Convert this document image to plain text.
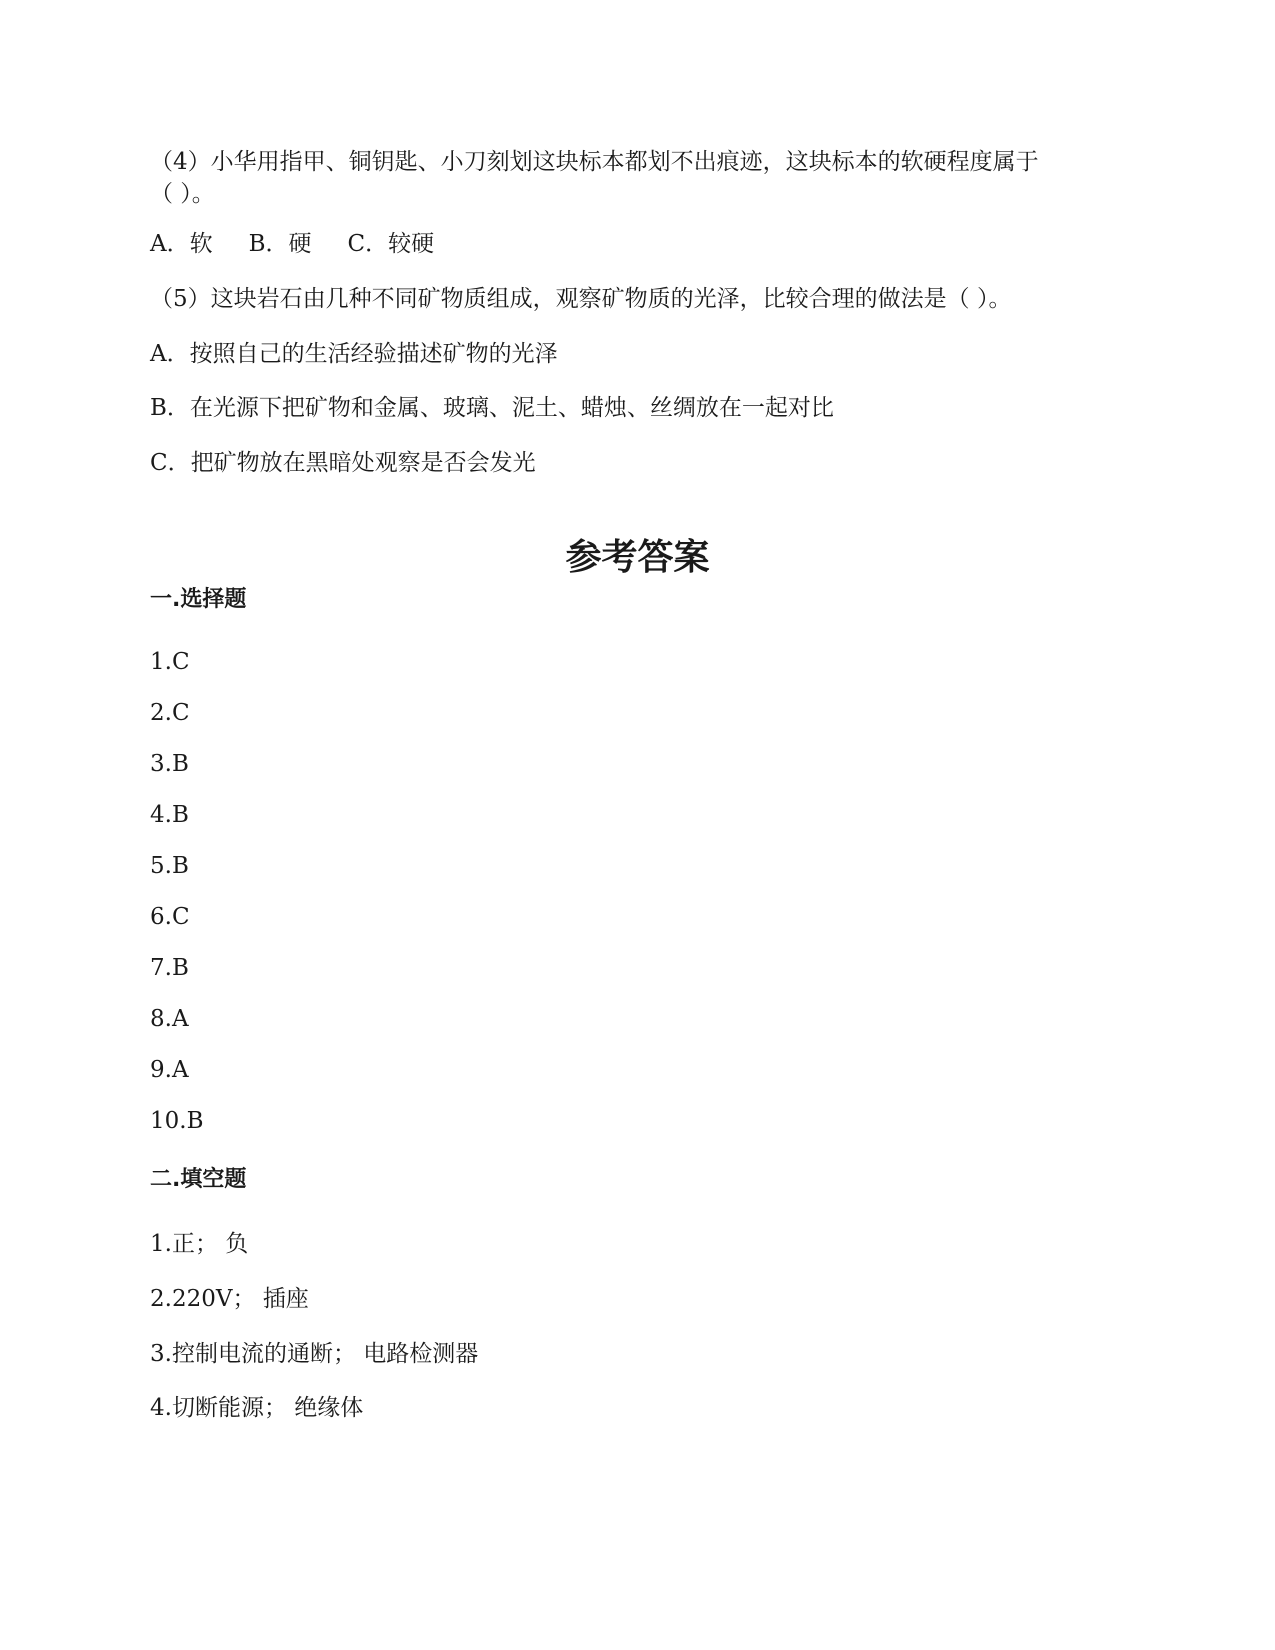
（4）小华用指甲、铜钥匙、小刀刻划这块标本都划不出痕迹，这块标本的软硬程度属于
（ ）。
A．软 B．硬 C．较硬
（5）这块岩石由几种不同矿物质组成，观察矿物质的光泽，比较合理的做法是（ ）。
A．按照自己的生活经验描述矿物的光泽
B．在光源下把矿物和金属、玻璃、泥土、蜡烛、丝绸放在一起对比
C．把矿物放在黑暗处观察是否会发光
参考答案
一.选择题
1.C
2.C
3.B
4.B
5.B
6.C
7.B
8.A
9.A
10.B
二.填空题
1.正； 负
2.220V； 插座
3.控制电流的通断； 电路检测器
4.切断能源； 绝缘体
